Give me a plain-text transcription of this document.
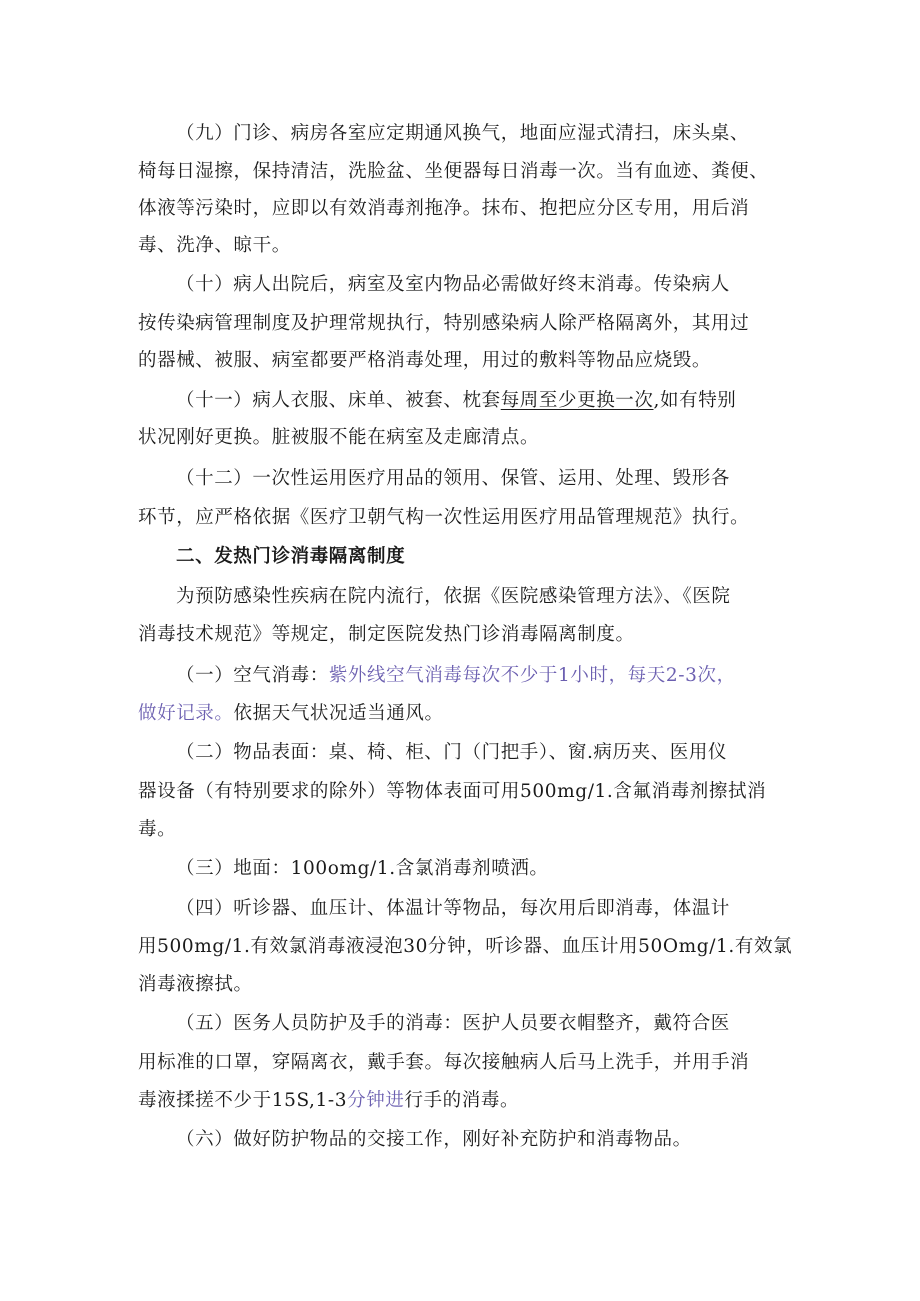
（九）门诊、病房各室应定期通风换气，地面应湿式清扫，床头桌、
椅每日湿擦，保持清洁，洗脸盆、坐便器每日消毒一次。当有血迹、粪便、
体液等污染时，应即以有效消毒剂拖净。抹布、抱把应分区专用，用后消
毒、洗净、晾干。
（十）病人出院后，病室及室内物品必需做好终末消毒。传染病人
按传染病管理制度及护理常规执行，特别感染病人除严格隔离外，其用过
的器械、被服、病室都要严格消毒处理，用过的敷料等物品应烧毁。
（十一）病人衣服、床单、被套、枕套每周至少更换一次,如有特别
状况刚好更换。脏被服不能在病室及走廊清点。
（十二）一次性运用医疗用品的领用、保管、运用、处理、毁形各
环节，应严格依据《医疗卫朝气构一次性运用医疗用品管理规范》执行。
二、发热门诊消毒隔离制度
为预防感染性疾病在院内流行，依据《医院感染管理方法》、《医院
消毒技术规范》等规定，制定医院发热门诊消毒隔离制度。
（一）空气消毒：紫外线空气消毒每次不少于1小时，每天2-3次，
做好记录。依据天气状况适当通风。
（二）物品表面：桌、椅、柜、门（门把手）、窗.病历夹、医用仪
器设备（有特别要求的除外）等物体表面可用500mg/1.含氟消毒剂擦拭消
毒。
（三）地面：100omg/1.含氯消毒剂喷洒。
（四）听诊器、血压计、体温计等物品，每次用后即消毒，体温计
用500mg/1.有效氯消毒液浸泡30分钟，听诊器、血压计用50Omg/1.有效氯
消毒液擦拭。
（五）医务人员防护及手的消毒：医护人员要衣帽整齐，戴符合医
用标准的口罩，穿隔离衣，戴手套。每次接触病人后马上洗手，并用手消
毒液揉搓不少于15S,1-3分钟进行手的消毒。
（六）做好防护物品的交接工作，刚好补充防护和消毒物品。
